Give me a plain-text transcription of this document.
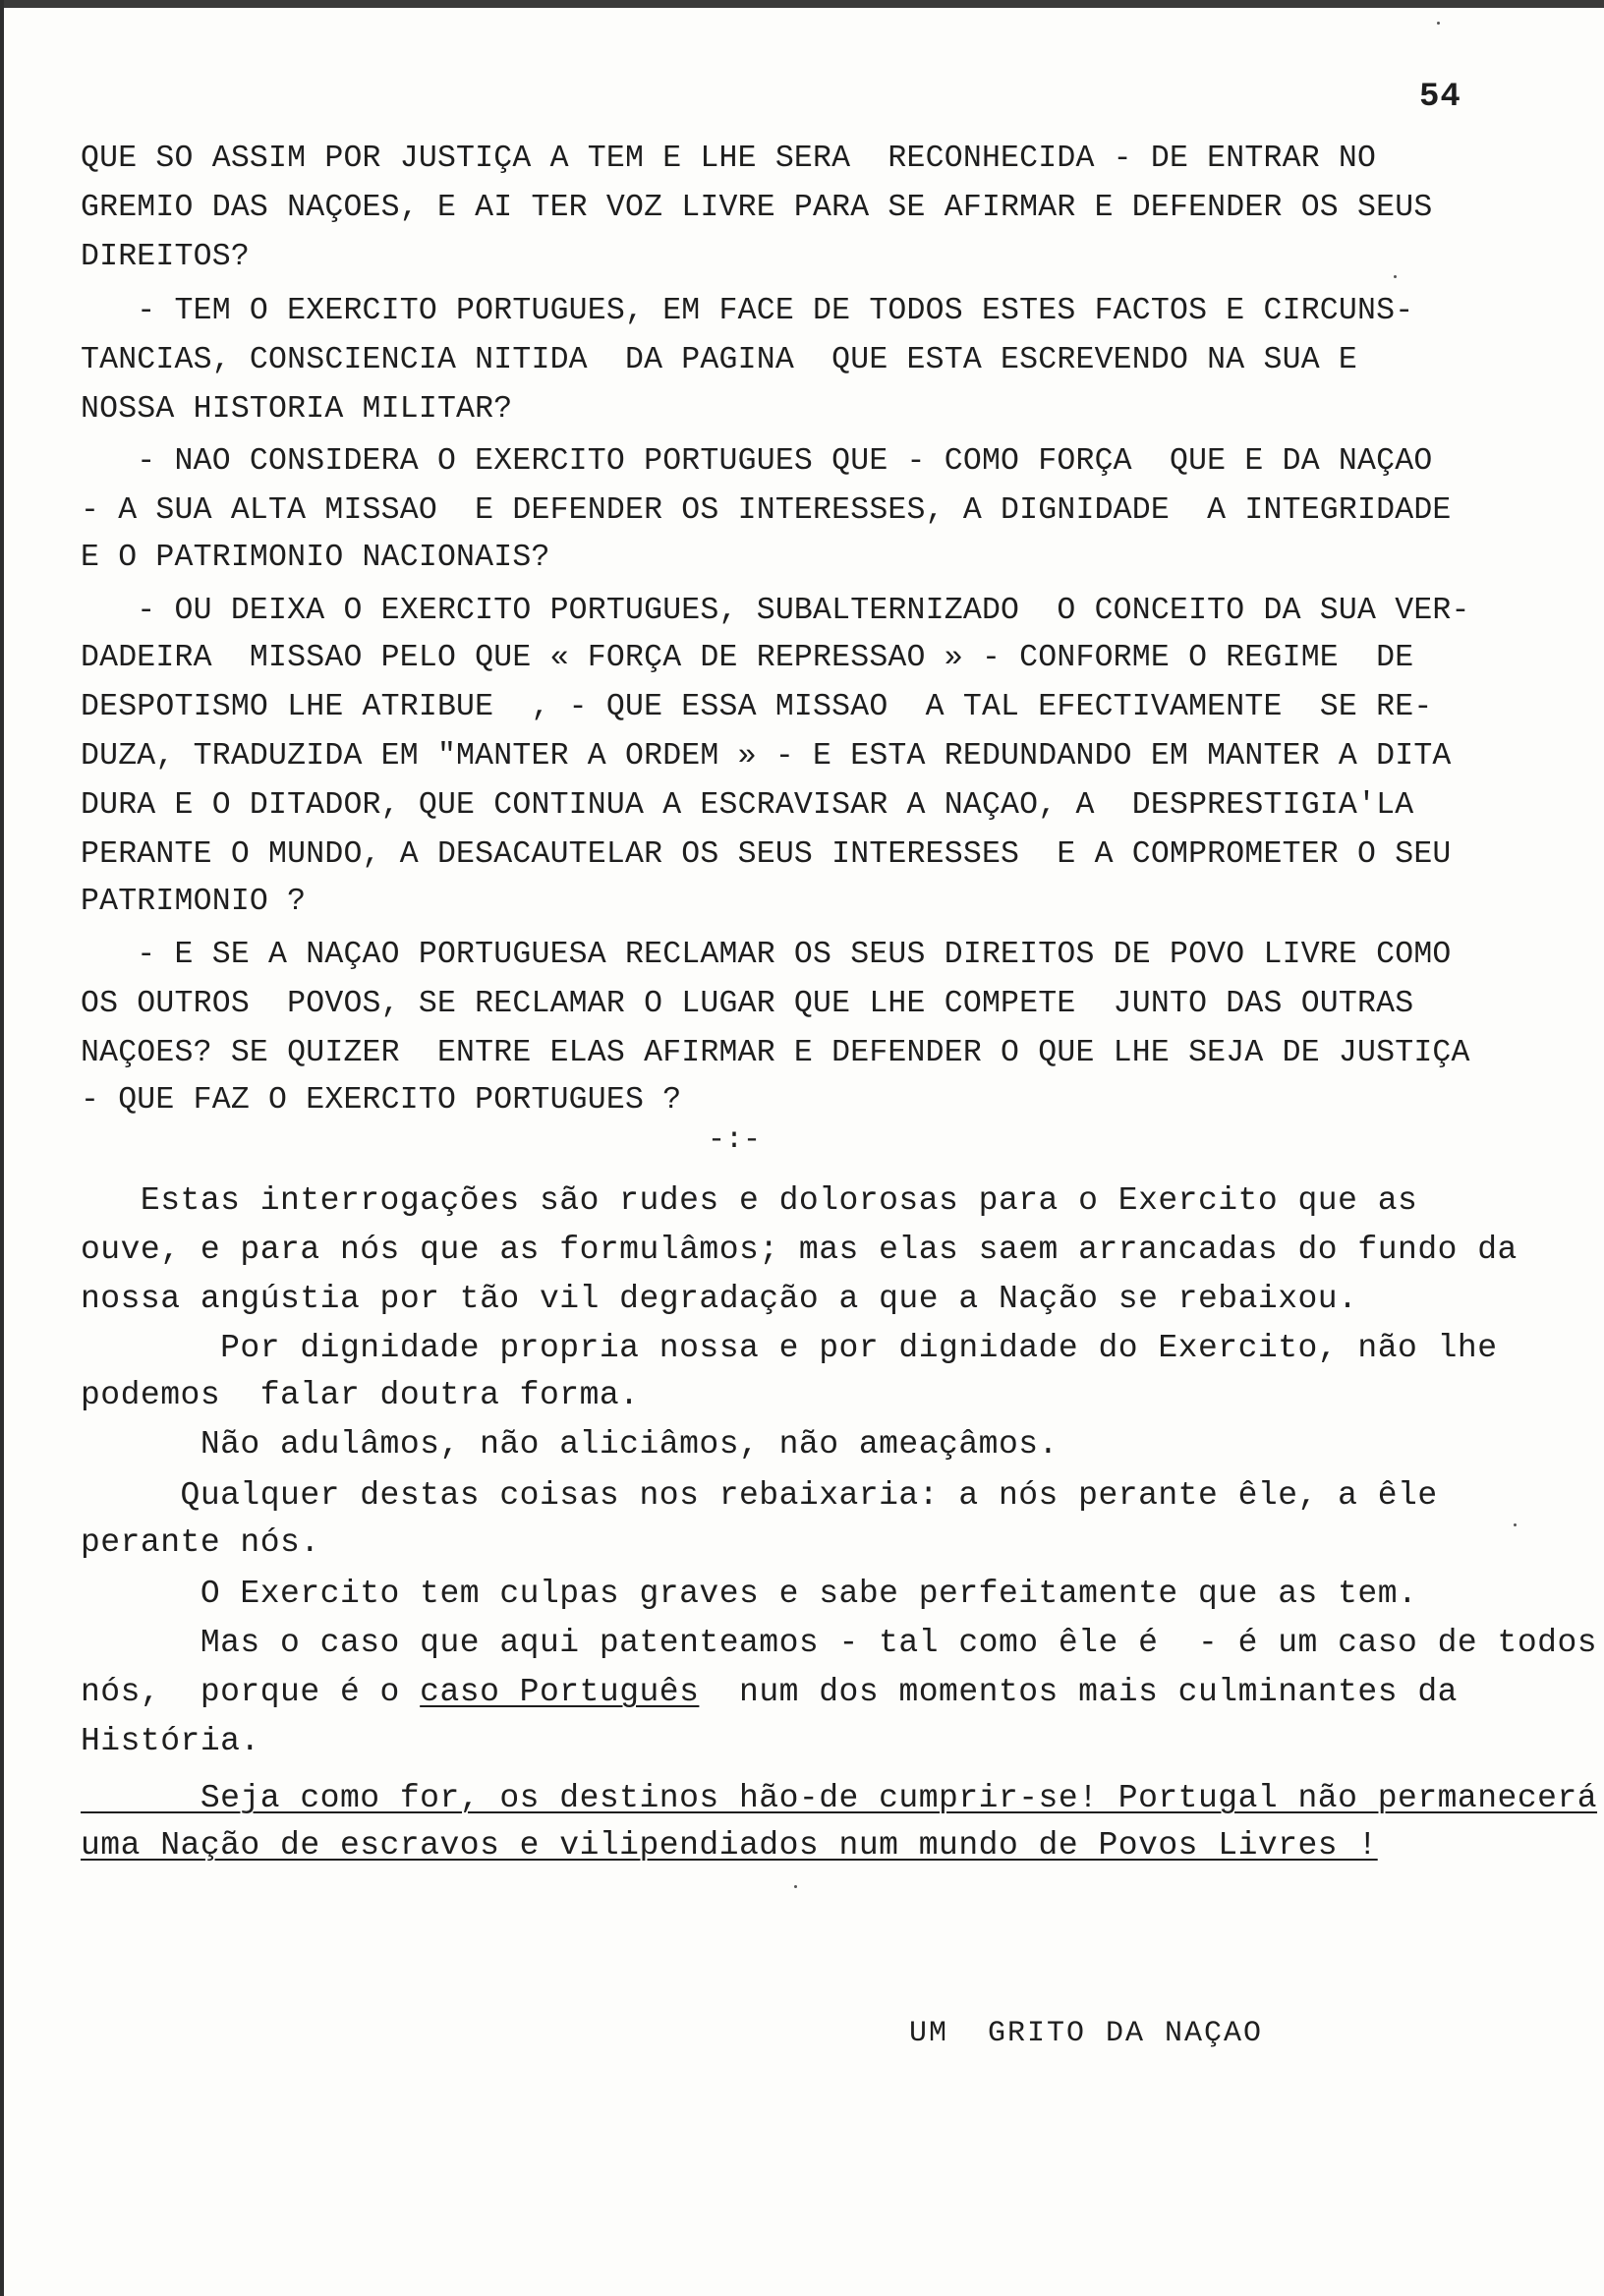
54
QUE SO ASSIM POR JUSTIÇA A TEM E LHE SERA  RECONHECIDA - DE ENTRAR NO
GREMIO DAS NAÇOES, E AI TER VOZ LIVRE PARA SE AFIRMAR E DEFENDER OS SEUS
DIREITOS?
- TEM O EXERCITO PORTUGUES, EM FACE DE TODOS ESTES FACTOS E CIRCUNS-
TANCIAS, CONSCIENCIA NITIDA  DA PAGINA  QUE ESTA ESCREVENDO NA SUA E
NOSSA HISTORIA MILITAR?
- NAO CONSIDERA O EXERCITO PORTUGUES QUE - COMO FORÇA  QUE E DA NAÇAO
- A SUA ALTA MISSAO  E DEFENDER OS INTERESSES, A DIGNIDADE  A INTEGRIDADE
E O PATRIMONIO NACIONAIS?
- OU DEIXA O EXERCITO PORTUGUES, SUBALTERNIZADO  O CONCEITO DA SUA VER-
DADEIRA  MISSAO PELO QUE « FORÇA DE REPRESSAO » - CONFORME O REGIME  DE
DESPOTISMO LHE ATRIBUE  , - QUE ESSA MISSAO  A TAL EFECTIVAMENTE  SE RE-
DUZA, TRADUZIDA EM "MANTER A ORDEM » - E ESTA REDUNDANDO EM MANTER A DITA
DURA E O DITADOR, QUE CONTINUA A ESCRAVISAR A NAÇAO, A  DESPRESTIGIA'LA
PERANTE O MUNDO, A DESACAUTELAR OS SEUS INTERESSES  E A COMPROMETER O SEU
PATRIMONIO ?
- E SE A NAÇAO PORTUGUESA RECLAMAR OS SEUS DIREITOS DE POVO LIVRE COMO
OS OUTROS  POVOS, SE RECLAMAR O LUGAR QUE LHE COMPETE  JUNTO DAS OUTRAS
NAÇOES? SE QUIZER  ENTRE ELAS AFIRMAR E DEFENDER O QUE LHE SEJA DE JUSTIÇA
- QUE FAZ O EXERCITO PORTUGUES ?
-:-
Estas interrogações são rudes e dolorosas para o Exercito que as
ouve, e para nós que as formulâmos; mas elas saem arrancadas do fundo da
nossa angústia por tão vil degradação a que a Nação se rebaixou.
Por dignidade propria nossa e por dignidade do Exercito, não lhe
podemos  falar doutra forma.
Não adulâmos, não aliciâmos, não ameaçâmos.
Qualquer destas coisas nos rebaixaria: a nós perante êle, a êle
perante nós.
O Exercito tem culpas graves e sabe perfeitamente que as tem.
Mas o caso que aqui patenteamos - tal como êle é  - é um caso de todos
nós,  porque é o caso Português  num dos momentos mais culminantes da
História.
Seja como for, os destinos hão-de cumprir-se! Portugal não permanecerá
uma Nação de escravos e vilipendiados num mundo de Povos Livres !
UM  GRITO DA NAÇAO
